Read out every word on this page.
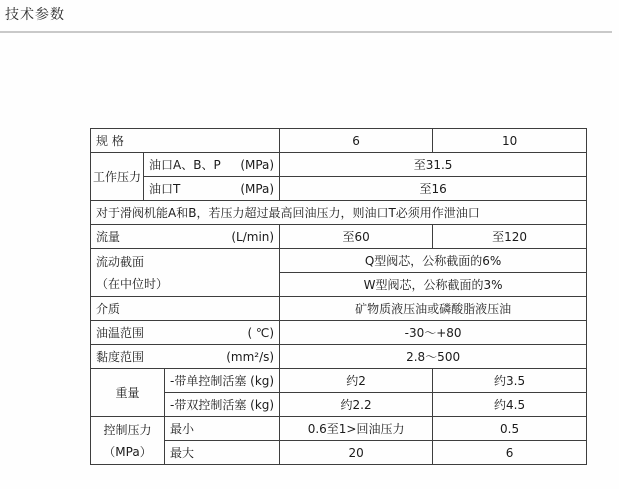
技术参数
规 格			6	10
工作压力	油口A、B、P (MPa)		至31.5	

	油口T (MPa)		至16	
对于滑阀机能A和B，若压力超过最高回油压力，则油口T必须用作泄油口				

流量 (L/min)			至60	至120

流动截面
（在中位时）			Q型阀芯，公称截面的6%	
			W型阀芯，公称截面的3%	
介质			矿物质液压油或磷酸脂液压油	

油温范围 ( ℃)			-30～+80	

黏度范围 (mm²/s)			2.8～500	
重量		-带单控制活塞 (kg)	约2	约3.5
		-带双控制活塞 (kg)	约2.2	约4.5

控制压力
（MPa）		最小	0.6至1>回油压力	0.5
		最大	20	6
